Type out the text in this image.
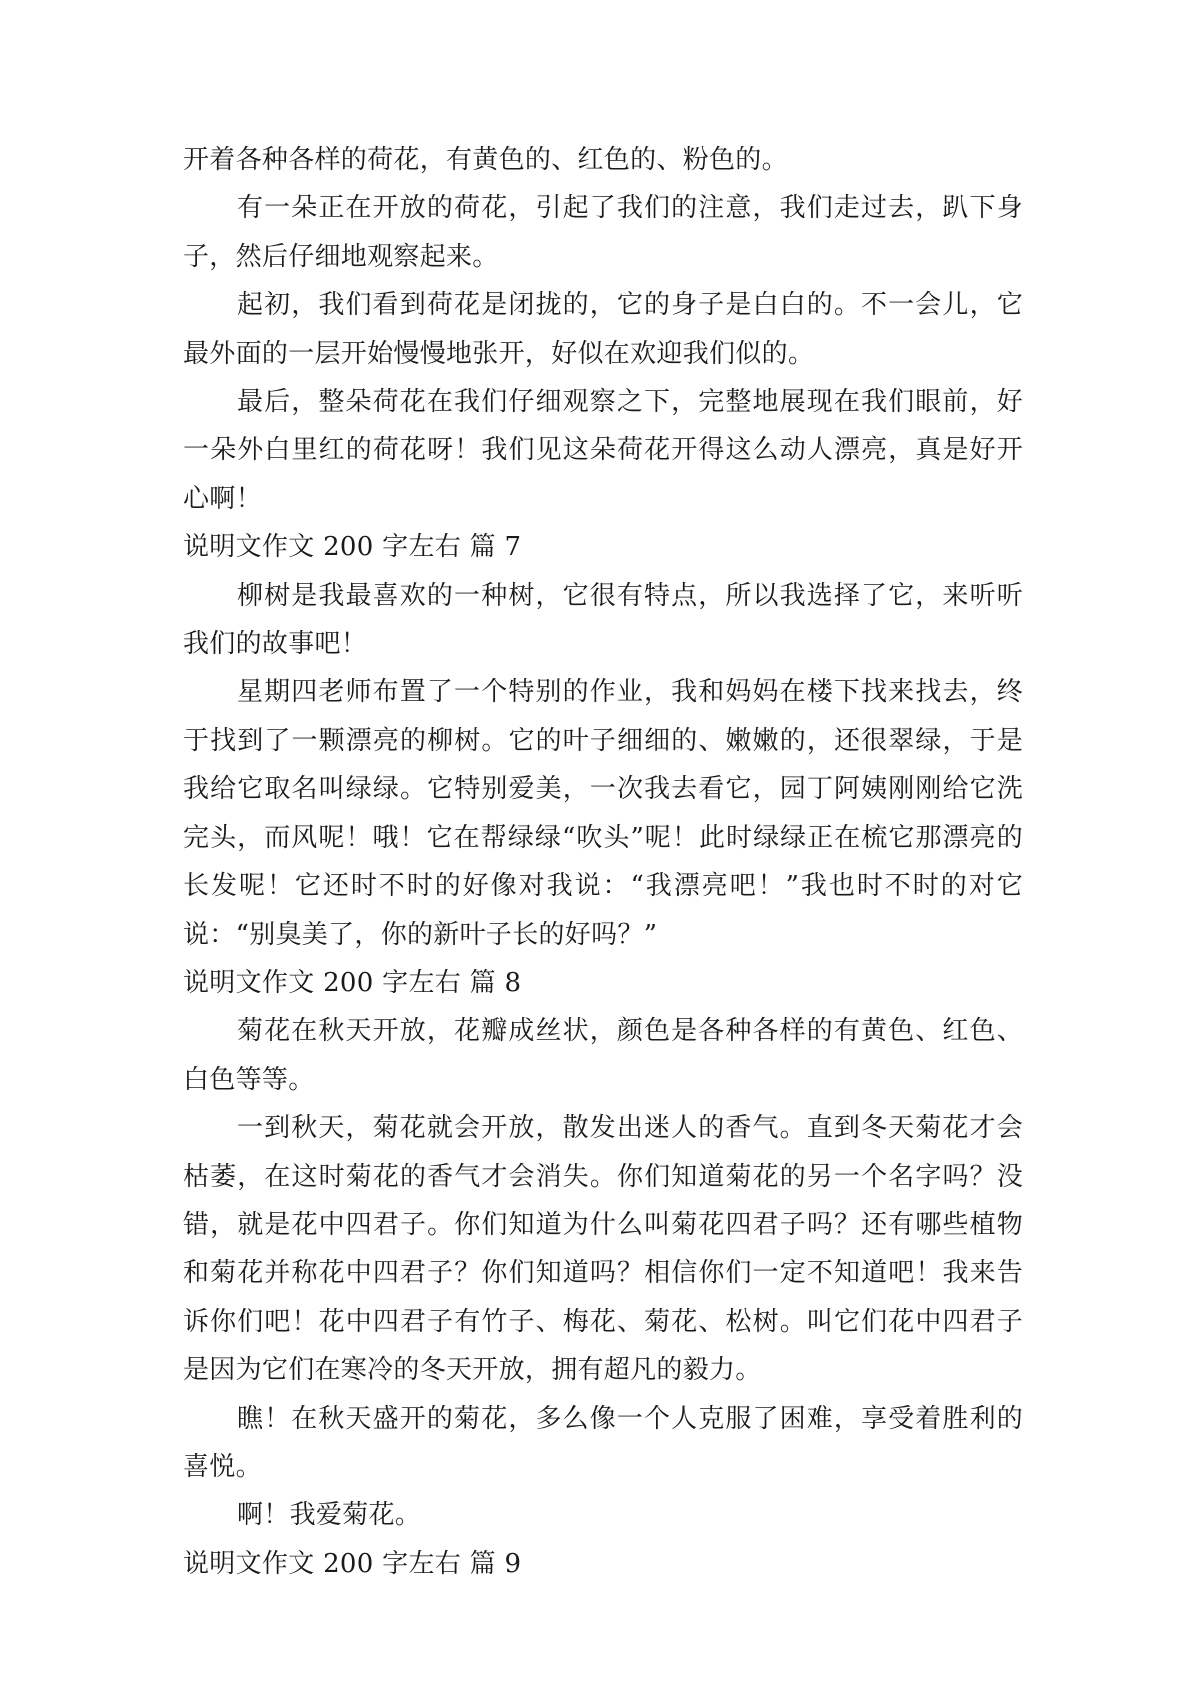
开着各种各样的荷花，有黄色的、红色的、粉色的。

有一朵正在开放的荷花，引起了我们的注意，我们走过去，趴下身子，然后仔细地观察起来。

起初，我们看到荷花是闭拢的，它的身子是白白的。不一会儿，它最外面的一层开始慢慢地张开，好似在欢迎我们似的。

最后，整朵荷花在我们仔细观察之下，完整地展现在我们眼前，好一朵外白里红的荷花呀！我们见这朵荷花开得这么动人漂亮，真是好开心啊！

说明文作文 200 字左右 篇 7

柳树是我最喜欢的一种树，它很有特点，所以我选择了它，来听听我们的故事吧！

星期四老师布置了一个特别的作业，我和妈妈在楼下找来找去，终于找到了一颗漂亮的柳树。它的叶子细细的、嫩嫩的，还很翠绿，于是我给它取名叫绿绿。它特别爱美，一次我去看它，园丁阿姨刚刚给它洗完头，而风呢！哦！它在帮绿绿“吹头”呢！此时绿绿正在梳它那漂亮的长发呢！它还时不时的好像对我说：“我漂亮吧！”我也时不时的对它说：“别臭美了，你的新叶子长的好吗？”

说明文作文 200 字左右 篇 8

菊花在秋天开放，花瓣成丝状，颜色是各种各样的有黄色、红色、白色等等。

一到秋天，菊花就会开放，散发出迷人的香气。直到冬天菊花才会枯萎，在这时菊花的香气才会消失。你们知道菊花的另一个名字吗？没错，就是花中四君子。你们知道为什么叫菊花四君子吗？还有哪些植物和菊花并称花中四君子？你们知道吗？相信你们一定不知道吧！我来告诉你们吧！花中四君子有竹子、梅花、菊花、松树。叫它们花中四君子是因为它们在寒冷的冬天开放，拥有超凡的毅力。

瞧！在秋天盛开的菊花，多么像一个人克服了困难，享受着胜利的喜悦。

啊！我爱菊花。

说明文作文 200 字左右 篇 9
